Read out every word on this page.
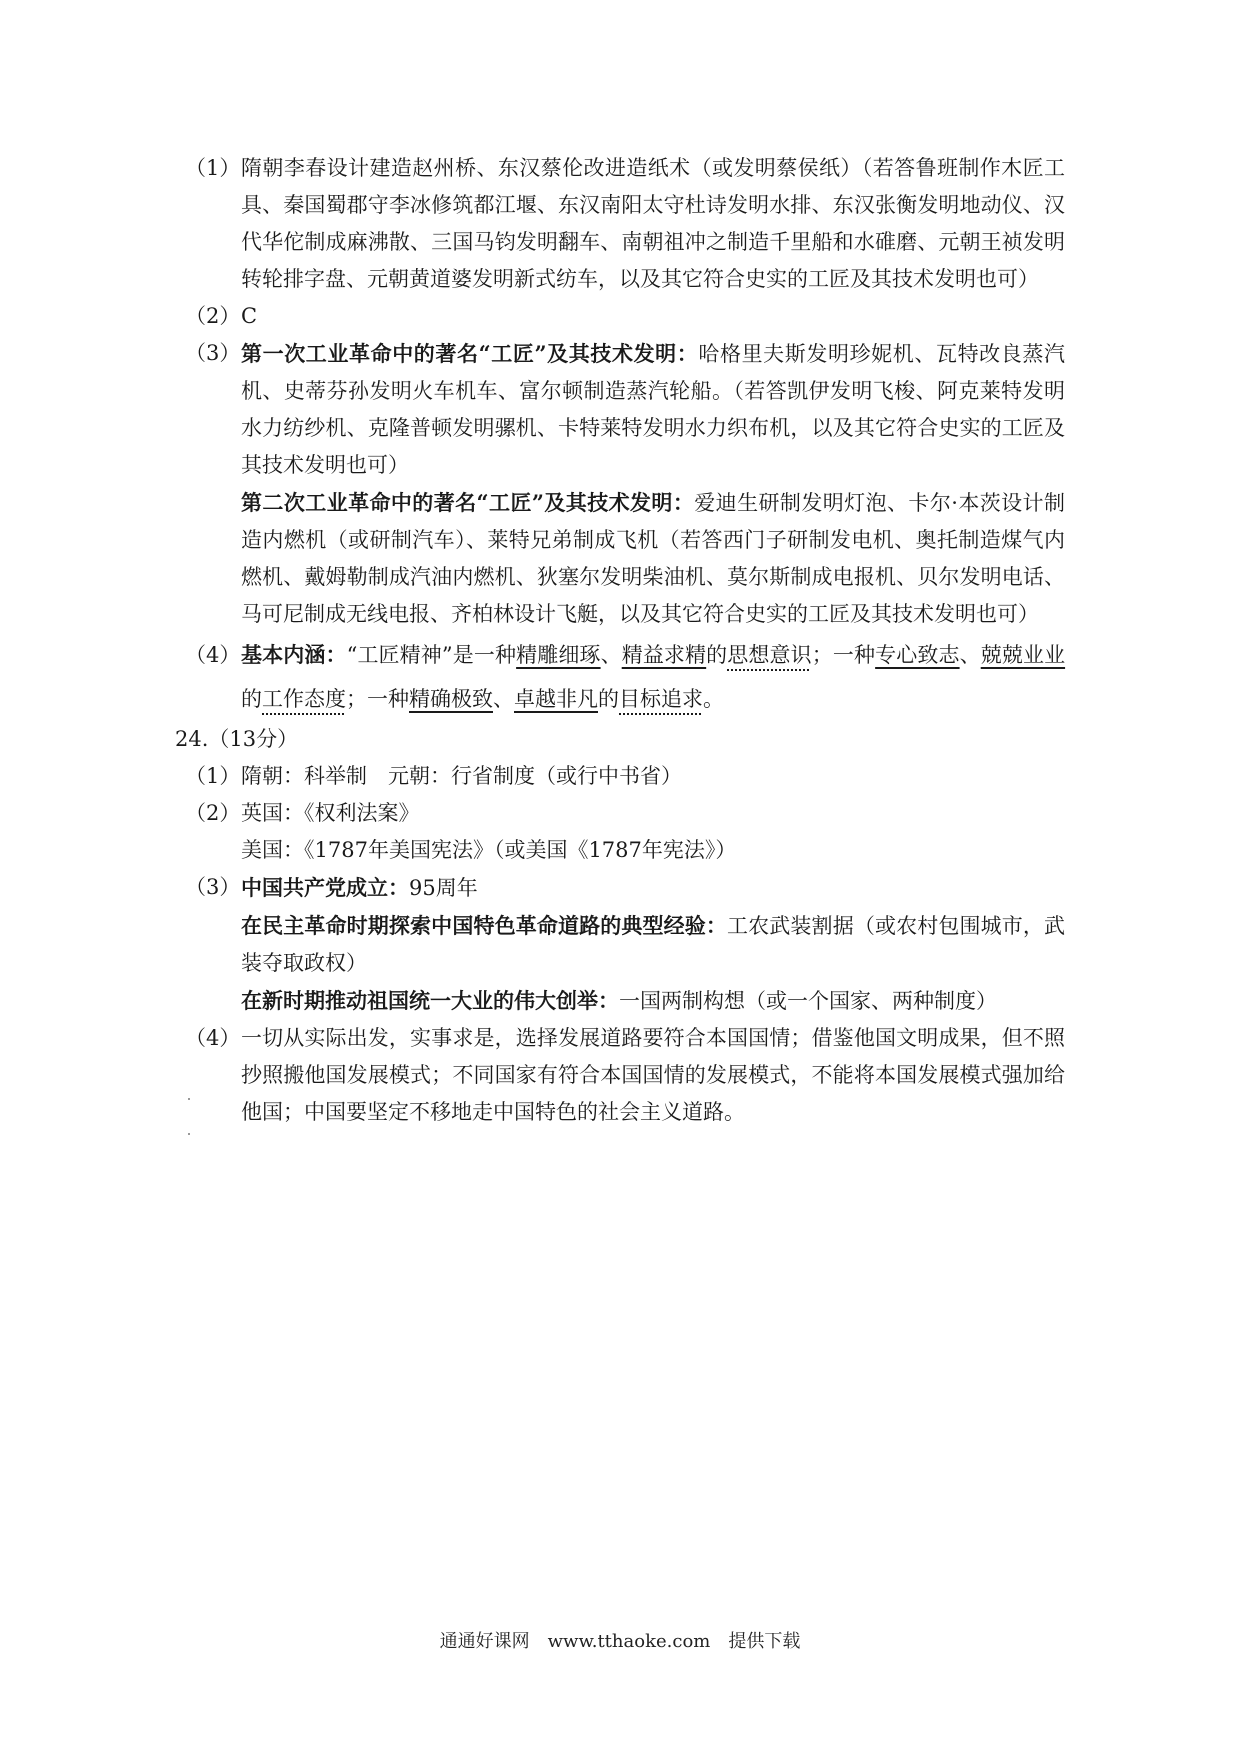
（1） 隋朝李春设计建造赵州桥、东汉蔡伦改进造纸术（或发明蔡侯纸）（若答鲁班制作木匠工具、秦国蜀郡守李冰修筑都江堰、东汉南阳太守杜诗发明水排、东汉张衡发明地动仪、汉代华佗制成麻沸散、三国马钧发明翻车、南朝祖冲之制造千里船和水碓磨、元朝王祯发明转轮排字盘、元朝黄道婆发明新式纺车，以及其它符合史实的工匠及其技术发明也可）
（2） C
（3） 第一次工业革命中的著名“工匠”及其技术发明：哈格里夫斯发明珍妮机、瓦特改良蒸汽机、史蒂芬孙发明火车机车、富尔顿制造蒸汽轮船。（若答凯伊发明飞梭、阿克莱特发明水力纺纱机、克隆普顿发明骡机、卡特莱特发明水力织布机，以及其它符合史实的工匠及其技术发明也可）
第二次工业革命中的著名“工匠”及其技术发明：爱迪生研制发明灯泡、卡尔·本茨设计制造内燃机（或研制汽车）、莱特兄弟制成飞机（若答西门子研制发电机、奥托制造煤气内燃机、戴姆勒制成汽油内燃机、狄塞尔发明柴油机、莫尔斯制成电报机、贝尔发明电话、马可尼制成无线电报、齐柏林设计飞艇，以及其它符合史实的工匠及其技术发明也可）
（4） 基本内涵：“工匠精神”是一种精雕细琢、精益求精的思想意识；一种专心致志、兢兢业业的工作态度；一种精确极致、卓越非凡的目标追求。
24.（13分）
（1） 隋朝：科举制　元朝：行省制度（或行中书省）
（2） 英国：《权利法案》
美国：《1787年美国宪法》（或美国《1787年宪法》）
（3） 中国共产党成立：95周年
在民主革命时期探索中国特色革命道路的典型经验：工农武装割据（或农村包围城市，武装夺取政权）
在新时期推动祖国统一大业的伟大创举：一国两制构想（或一个国家、两种制度）
（4） 一切从实际出发，实事求是，选择发展道路要符合本国国情；借鉴他国文明成果，但不照抄照搬他国发展模式；不同国家有符合本国国情的发展模式，不能将本国发展模式强加给他国；中国要坚定不移地走中国特色的社会主义道路。
通通好课网　www.tthaoke.com　提供下载
